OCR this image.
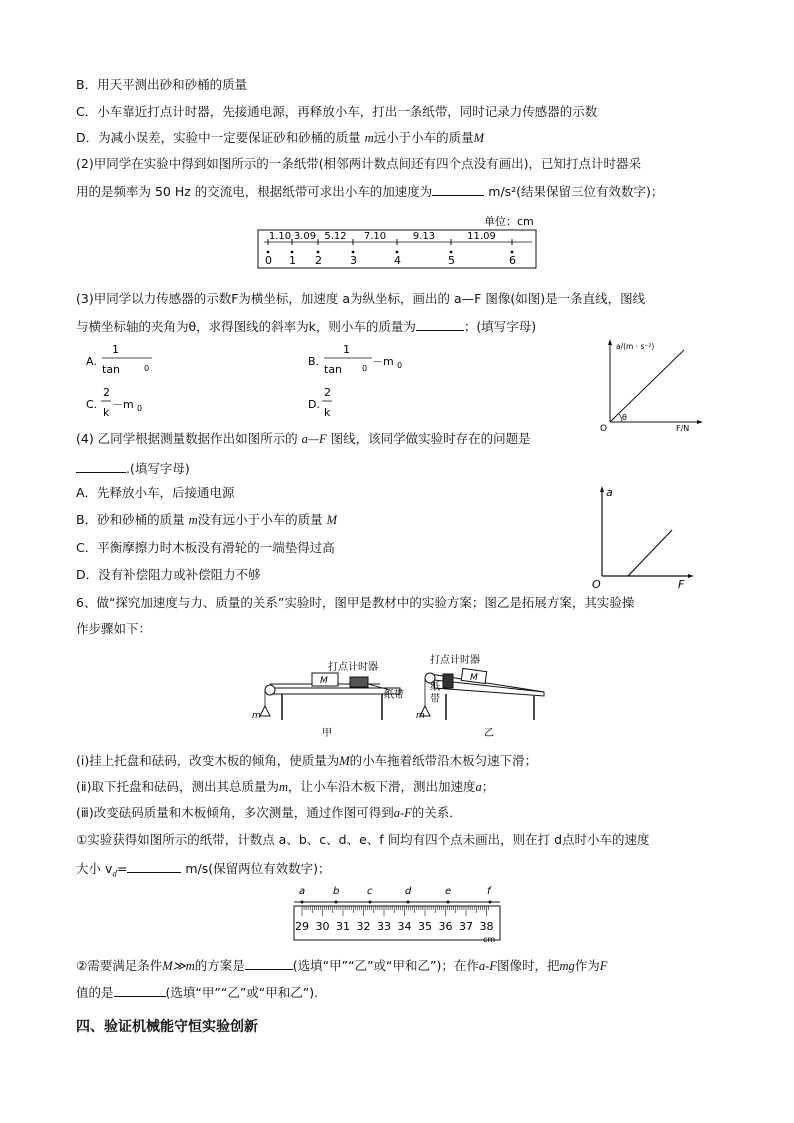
B．用天平测出砂和砂桶的质量
C．小车靠近打点计时器，先接通电源，再释放小车，打出一条纸带，同时记录力传感器的示数
D．为减小误差，实验中一定要保证砂和砂桶的质量 m远小于小车的质量M
(2)甲同学在实验中得到如图所示的一条纸带(相邻两计数点间还有四个点没有画出)，已知打点计时器采
用的是频率为 50 Hz 的交流电，根据纸带可求出小车的加速度为	m/s²(结果保留三位有效数字)；
单位：cm
0 1 2	3	4	5	6
1.10 3.09 5.12 7.10	9.13	11.09
(3)甲同学以力传感器的示数F为横坐标，加速度 a为纵坐标，画出的 a—F 图像(如图)是一条直线，图线
与横坐标轴的夹角为θ，求得图线的斜率为k，则小车的质量为	；(填写字母)
A.
1
tan	0
B.
1
tan 0
－m 0
C.
2
k
－m 0	D.
2
k
a/(m · s⁻²)
F/N
O
θ
(4) 乙同学根据测量数据作出如图所示的 a—F 图线，该同学做实验时存在的问题是
.(填写字母)
A．先释放小车，后接通电源
B．砂和砂桶的质量 m没有远小于小车的质量 M
C．平衡摩擦力时木板没有滑轮的一端垫得过高
D．没有补偿阻力或补偿阻力不够
a
F
O
6、做“探究加速度与力、质量的关系”实验时，图甲是教材中的实验方案；图乙是拓展方案，其实验操
作步骤如下：
M
打点计时器
纸带
m
甲
M
打点计时器
纸
带
m
乙
(ⅰ)挂上托盘和砝码，改变木板的倾角，使质量为M的小车拖着纸带沿木板匀速下滑；
(ⅱ)取下托盘和砝码，测出其总质量为m，让小车沿木板下滑，测出加速度a；
(ⅲ)改变砝码质量和木板倾角，多次测量，通过作图可得到a-F的关系．
①实验获得如图所示的纸带，计数点 a、b、c、d、e、f 间均有四个点未画出，则在打 d点时小车的速度
大小 $v_d=$	m/s(保留两位有效数字)；
a	b	c	d	e	f
29 30 31 32 33 34 35 36 37 38
cm
②需要满足条件M≫m的方案是	(选填“甲”“乙”或“甲和乙”)；在作a-F图像时，把mg作为F
值的是	(选填“甲”“乙”或“甲和乙”).
四、验证机械能守恒实验创新
